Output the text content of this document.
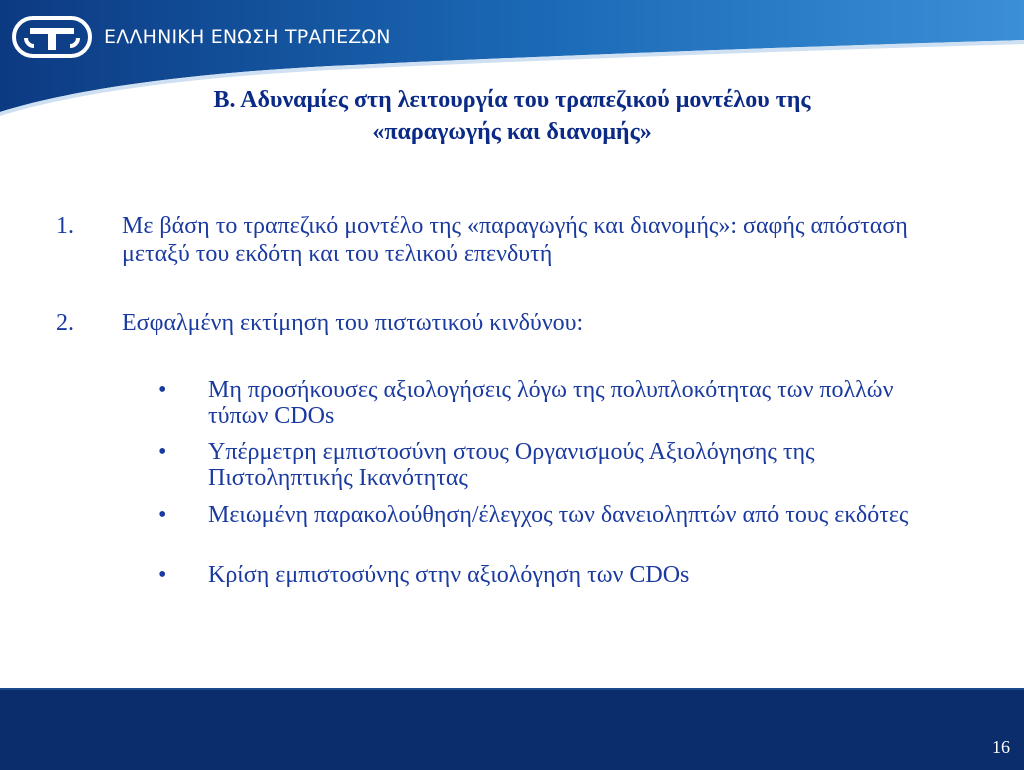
ΕΛΛΗΝΙΚΗ ΕΝΩΣΗ ΤΡΑΠΕΖΩΝ
Β. Αδυναμίες στη λειτουργία του τραπεζικού μοντέλου της
«παραγωγής και διανομής»
1. Με βάση το τραπεζικό μοντέλο της «παραγωγής και διανομής»: σαφής απόσταση μεταξύ του εκδότη και του τελικού επενδυτή
2. Εσφαλμένη εκτίμηση του πιστωτικού κινδύνου:
• Μη προσήκουσες αξιολογήσεις λόγω της πολυπλοκότητας των πολλών τύπων CDOs
• Υπέρμετρη εμπιστοσύνη στους Οργανισμούς Αξιολόγησης της Πιστοληπτικής Ικανότητας
• Μειωμένη παρακολούθηση/έλεγχος των δανειοληπτών από τους εκδότες
• Κρίση εμπιστοσύνης στην αξιολόγηση των CDOs
16
